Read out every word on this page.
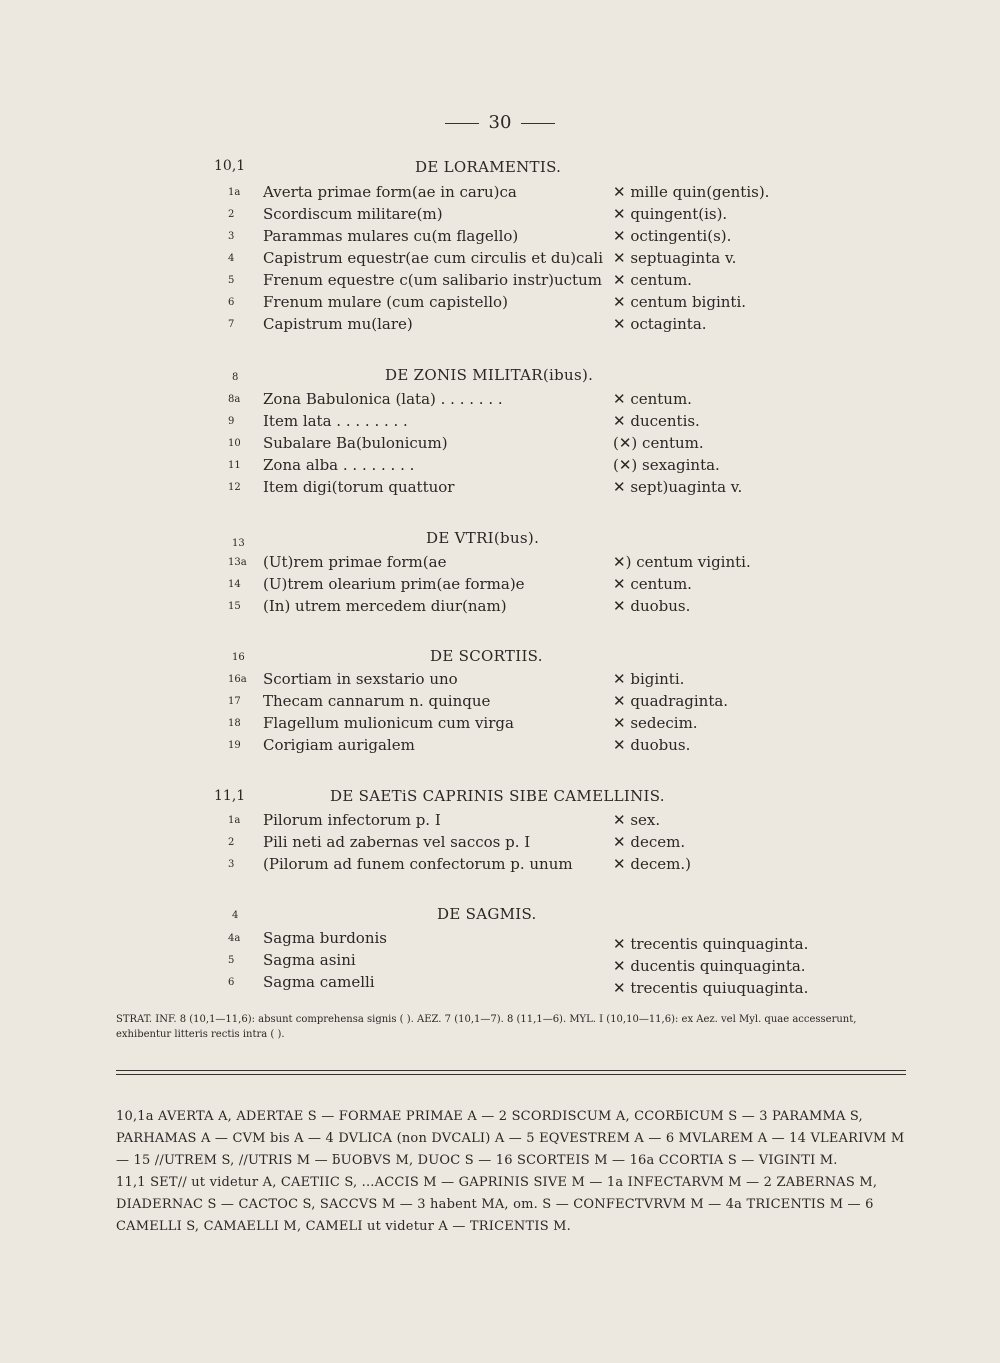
30
10,1	DE LORAMENTIS.
1a	Averta primae form(ae in caru)ca	✕ mille quin(gentis).
2	Scordiscum militare(m)	✕ quingent(is).
3	Parammas mulares cu(m flagello)	✕ octingenti(s).
4	Capistrum equestr(ae cum circulis et du)cali ✕ septuaginta v.
5	Frenum equestre c(um salibario instr)uctum ✕ centum.
6	Frenum mulare (cum capistello)	✕ centum biginti.
7	Capistrum mu(lare)	✕ octaginta.
8	DE ZONIS MILITAR(ibus).
8a	Zona Babulonica (lata) . . . . . . .	✕ centum.
9	Item lata . . . . . . . .	✕ ducentis.
10	Subalare Ba(bulonicum)	(✕) centum.
11	Zona alba . . . . . . . .	(✕) sexaginta.
12	Item digi(torum quattuor	✕ sept)uaginta v.
13	DE VTRI(bus).
13a	(Ut)rem primae form(ae	✕) centum viginti.
14	(U)trem olearium prim(ae forma)e	✕ centum.
15	(In) utrem mercedem diur(nam)	✕ duobus.
16	DE SCORTIIS.
16a	Scortiam in sexstario uno	✕ biginti.
17	Thecam cannarum n. quinque	✕ quadraginta.
18	Flagellum mulionicum cum virga	✕ sedecim.
19	Corigiam aurigalem	✕ duobus.
11,1	DE SAETiS CAPRINIS SIBE CAMELLINIS.
1a	Pilorum infectorum p. I	✕ sex.
2	Pili neti ad zabernas vel saccos p. I	✕ decem.
3	(Pilorum ad funem confectorum p. unum	✕ decem.)
4	DE SAGMIS.
4a	Sagma burdonis	✕ trecentis quinquaginta.
5	Sagma asini	✕ ducentis quinquaginta.
6	Sagma camelli	✕ trecentis quiuquaginta.
STRAT. INF. 8 (10,1—11,6): absunt comprehensa signis ( ). AEZ. 7 (10,1—7). 8 (11,1—6). MYL. I (10,10—11,6): ex Aez. vel Myl. quae accesserunt, exhibentur litteris rectis intra ( ).

10,1a AVERTA A, ADERTAE S — FORMAE PRIMAE A — 2 SCORDISCUM A, ϹCORƃICUM S — 3 PARAMMA S, PARHAMAS A — CVM bis A — 4 DVLICA (non DVCALI) A — 5 EQVESTREM A — 6 MVLAREM A — 14 VLEARIVM M — 15 //UTREM S, //UTRIS M — ƃUOBVS M, DUOϹ S — 16 SCORTEIS M — 16a ϹCORTIA S — VIGINTI M.

11,1 SET// ut videtur A, ϹAETIIϹ S, ...ACCIS M — GAPRINIS SIVE M — 1a INFECTARVM M — 2 ZABERNAS M, DIADERNAϹ S — ϹACTOϹ S, SACCVS M — 3 habent MA, om. S — CONFECTVRVM M — 4a TRICENTIS M — 6 CAMELLI S, CAMAELLI M, CAMELI ut videtur A — TRICENTIS M.
